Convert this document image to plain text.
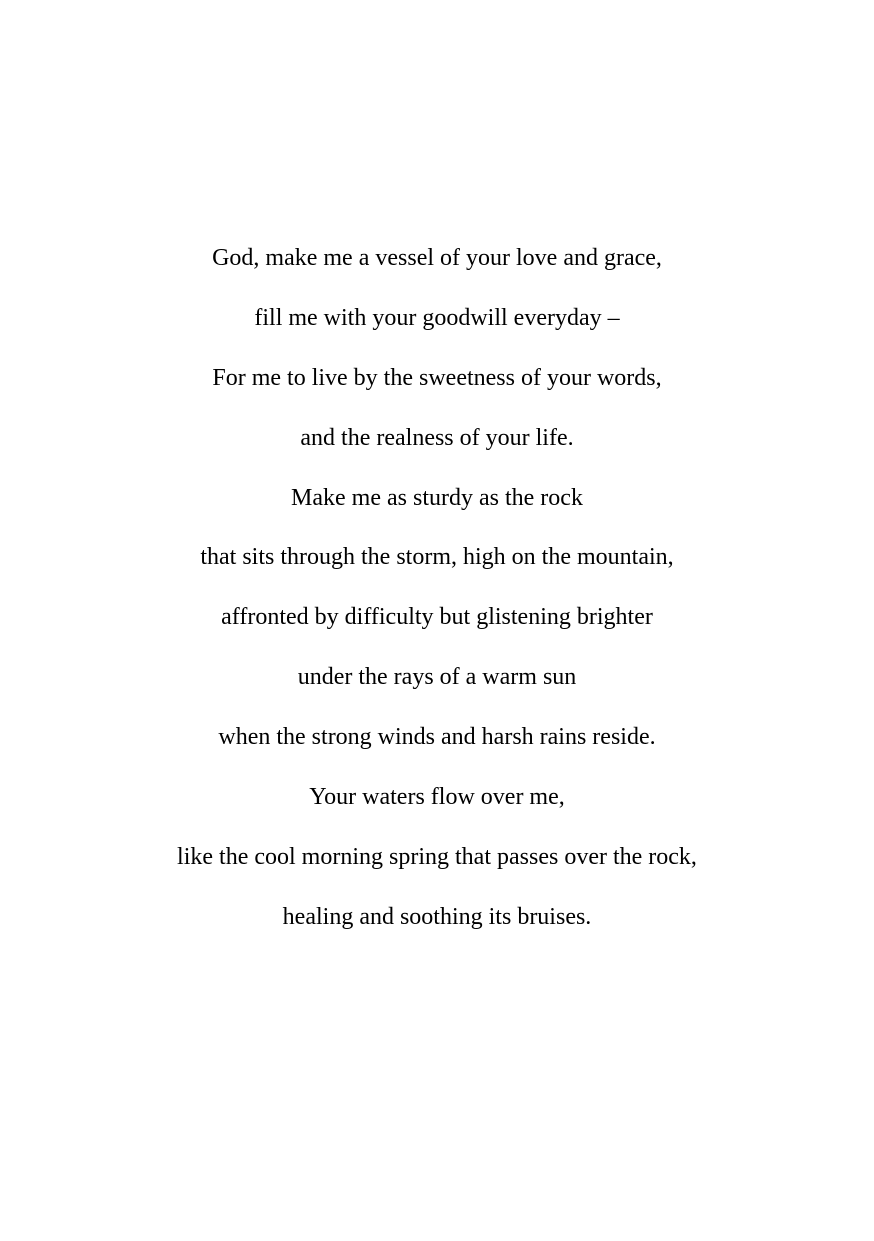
God, make me a vessel of your love and grace,
fill me with your goodwill everyday –
For me to live by the sweetness of your words,
and the realness of your life.
Make me as sturdy as the rock
that sits through the storm, high on the mountain,
affronted by difficulty but glistening brighter
under the rays of a warm sun
when the strong winds and harsh rains reside.
Your waters flow over me,
like the cool morning spring that passes over the rock,
healing and soothing its bruises.
